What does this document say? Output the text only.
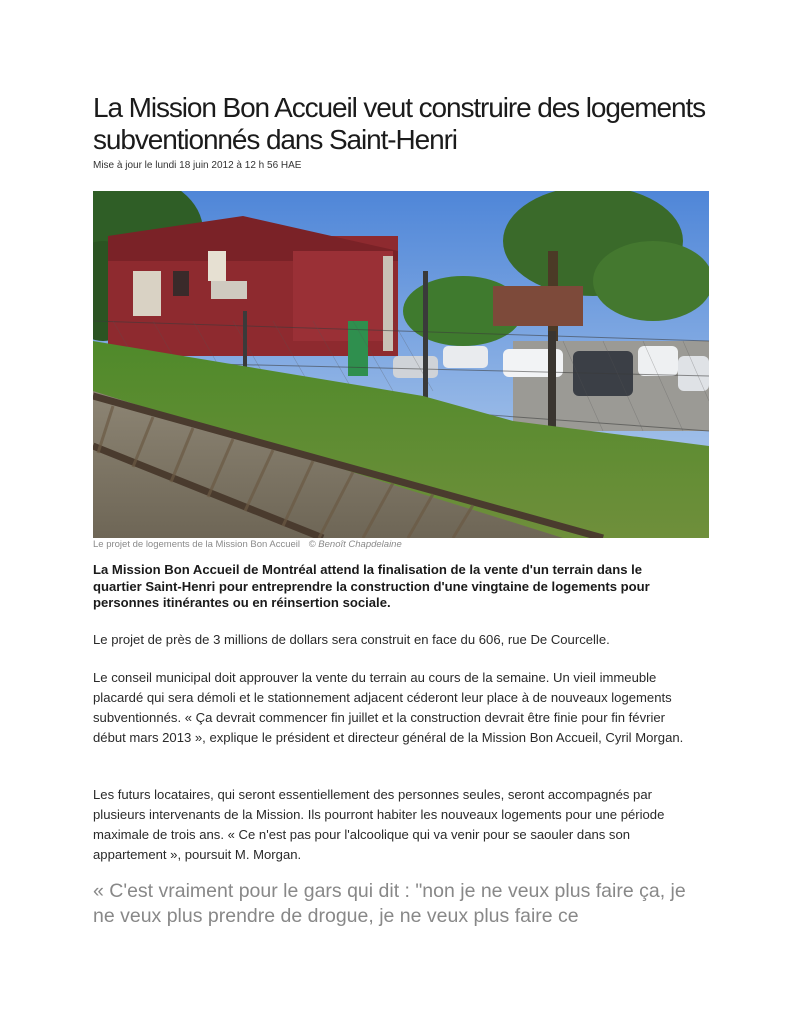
La Mission Bon Accueil veut construire des logements subventionnés dans Saint-Henri
Mise à jour le lundi 18 juin 2012 à 12 h 56 HAE
Le projet de logements de la Mission Bon Accueil © Benoît Chapdelaine
La Mission Bon Accueil de Montréal attend la finalisation de la vente d'un terrain dans le quartier Saint-Henri pour entreprendre la construction d'une vingtaine de logements pour personnes itinérantes ou en réinsertion sociale.
Le projet de près de 3 millions de dollars sera construit en face du 606, rue De Courcelle.
Le conseil municipal doit approuver la vente du terrain au cours de la semaine. Un vieil immeuble placardé qui sera démoli et le stationnement adjacent céderont leur place à de nouveaux logements subventionnés. « Ça devrait commencer fin juillet et la construction devrait être finie pour fin février début mars 2013 », explique le président et directeur général de la Mission Bon Accueil, Cyril Morgan.
Les futurs locataires, qui seront essentiellement des personnes seules, seront accompagnés par plusieurs intervenants de la Mission. Ils pourront habiter les nouveaux logements pour une période maximale de trois ans. « Ce n'est pas pour l'alcoolique qui va venir pour se saouler dans son appartement », poursuit M. Morgan.
« C'est vraiment pour le gars qui dit : "non je ne veux plus faire ça, je ne veux plus prendre de drogue, je ne veux plus faire ce
